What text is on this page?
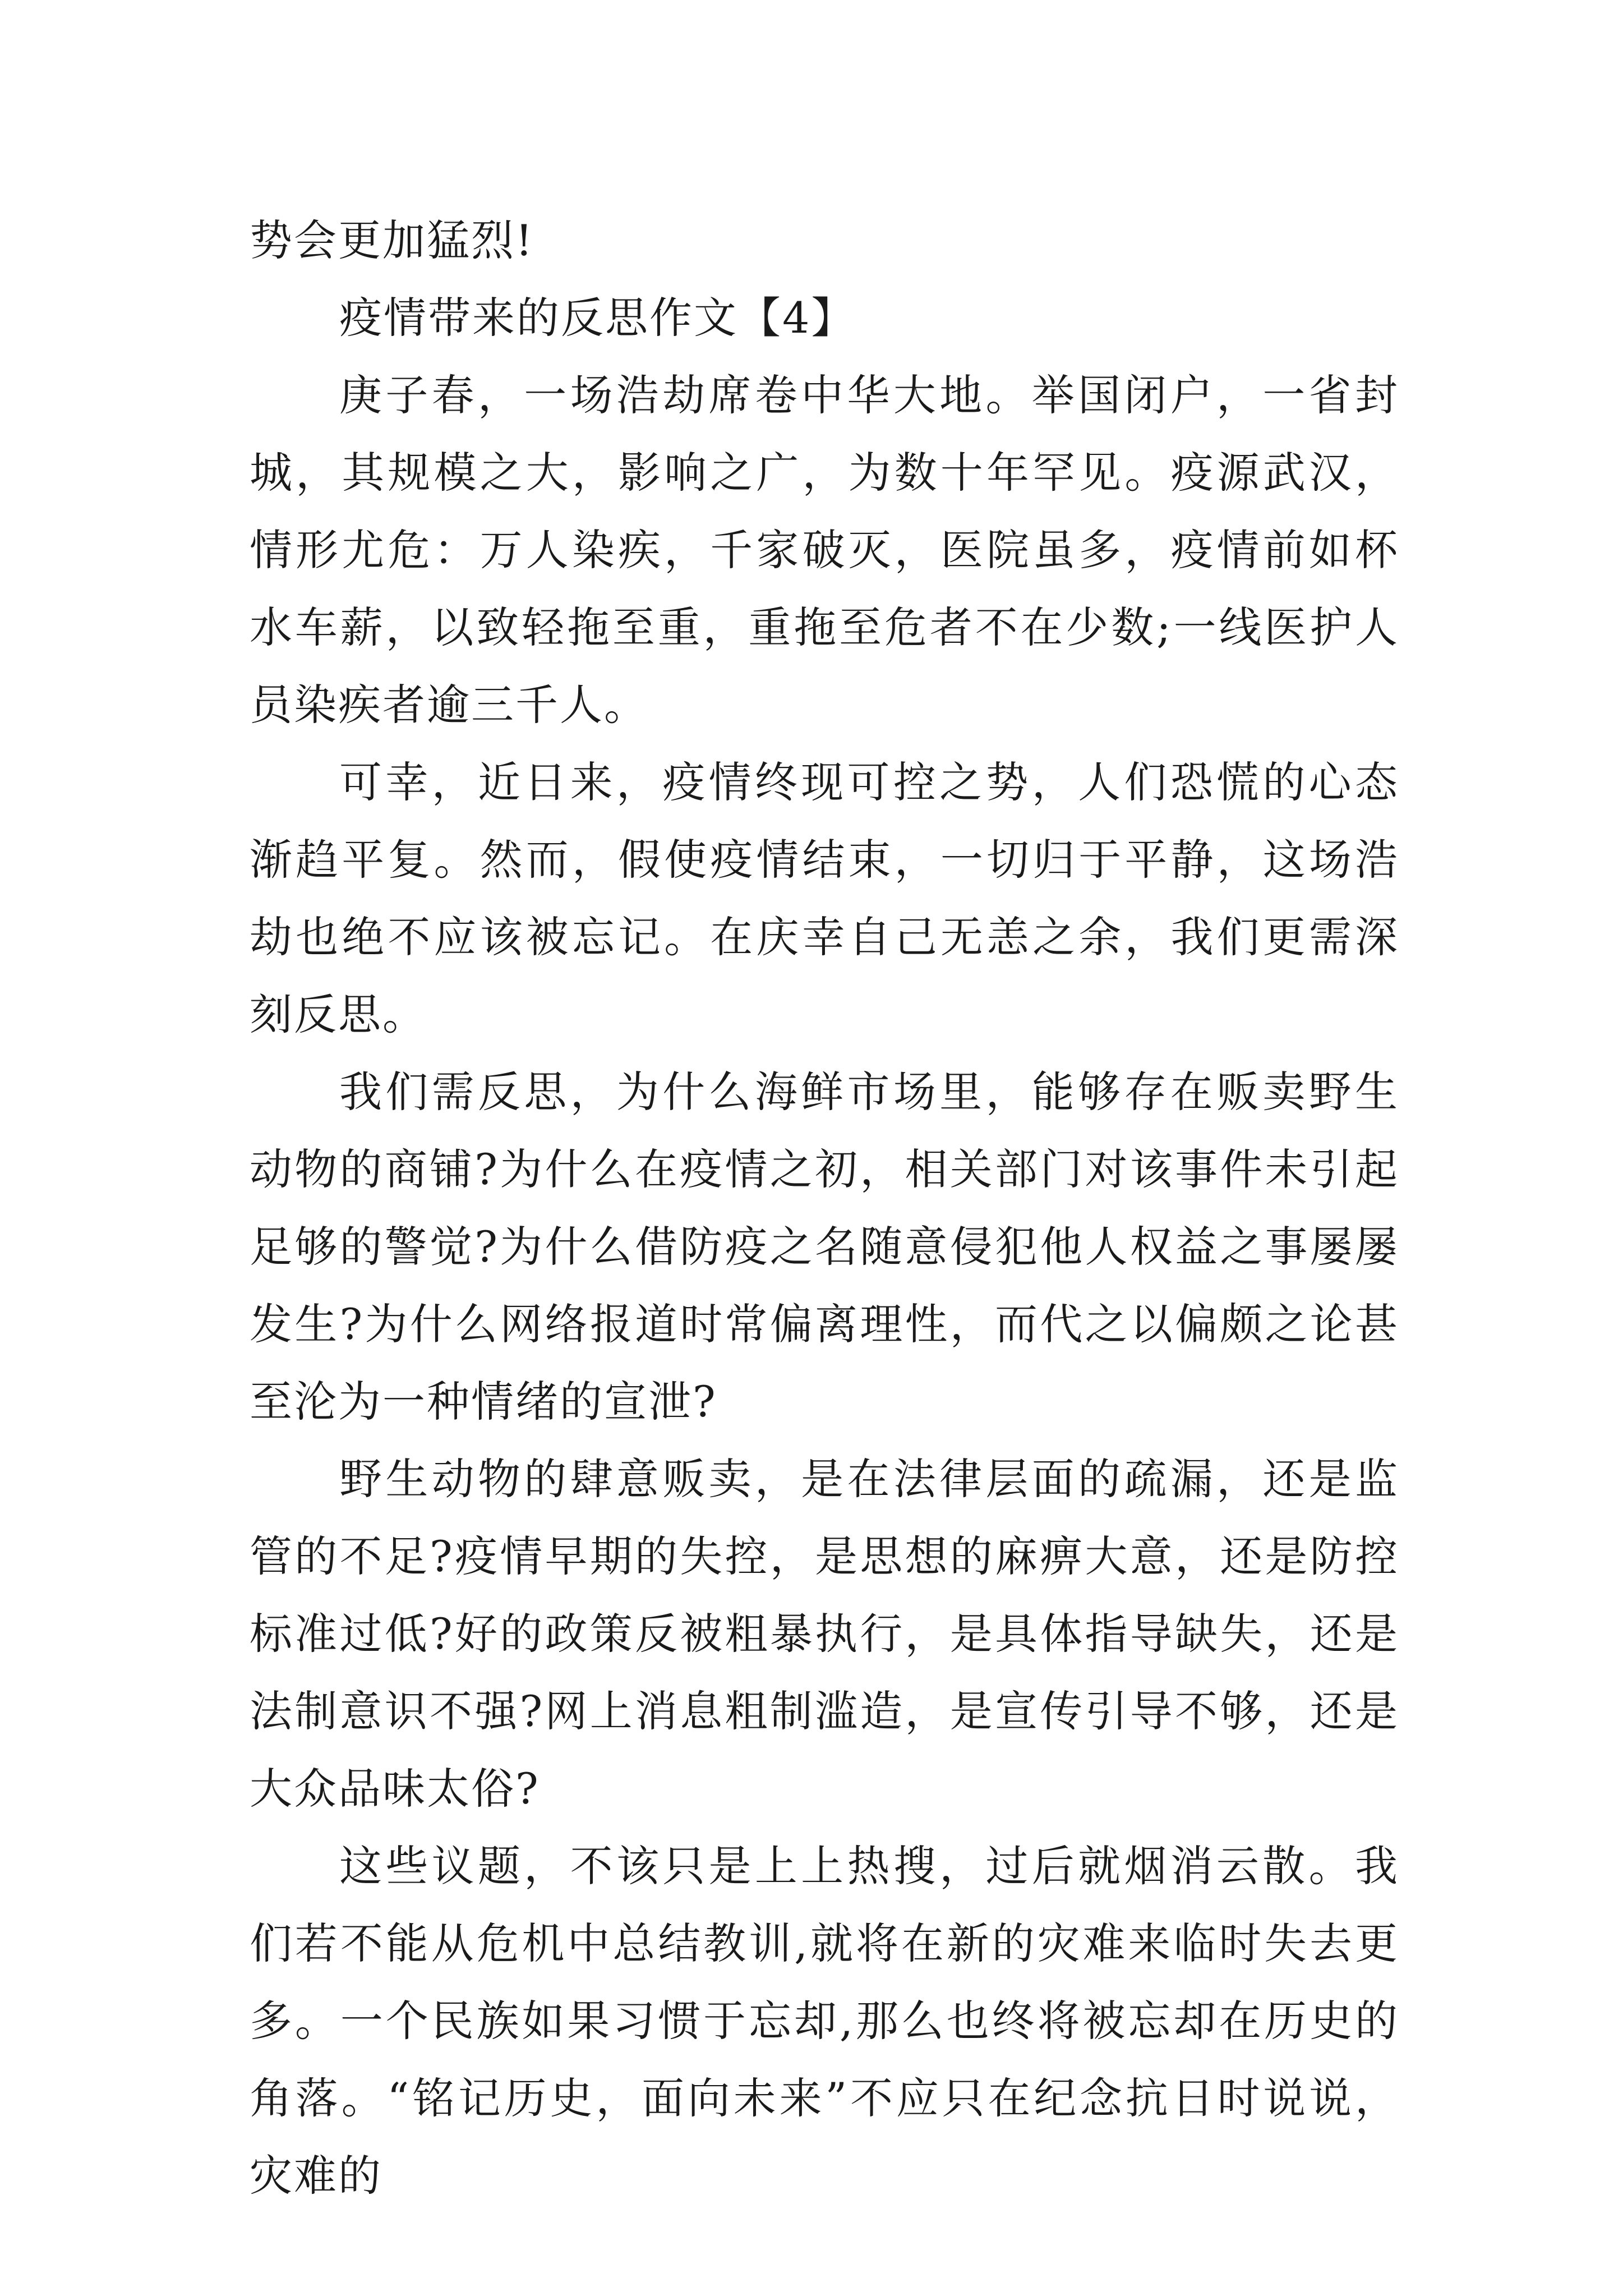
势会更加猛烈!

疫情带来的反思作文【4】

庚子春，一场浩劫席卷中华大地。举国闭户，一省封城，其规模之大，影响之广，为数十年罕见。疫源武汉，情形尤危：万人染疾，千家破灭，医院虽多，疫情前如杯水车薪，以致轻拖至重，重拖至危者不在少数;一线医护人员染疾者逾三千人。

可幸，近日来，疫情终现可控之势，人们恐慌的心态渐趋平复。然而，假使疫情结束，一切归于平静，这场浩劫也绝不应该被忘记。在庆幸自己无恙之余，我们更需深刻反思。

我们需反思，为什么海鲜市场里，能够存在贩卖野生动物的商铺?为什么在疫情之初，相关部门对该事件未引起足够的警觉?为什么借防疫之名随意侵犯他人权益之事屡屡发生?为什么网络报道时常偏离理性，而代之以偏颇之论甚至沦为一种情绪的宣泄?

野生动物的肆意贩卖，是在法律层面的疏漏，还是监管的不足?疫情早期的失控，是思想的麻痹大意，还是防控标准过低?好的政策反被粗暴执行，是具体指导缺失，还是法制意识不强?网上消息粗制滥造，是宣传引导不够，还是大众品味太俗?

这些议题，不该只是上上热搜，过后就烟消云散。我们若不能从危机中总结教训,就将在新的灾难来临时失去更多。一个民族如果习惯于忘却,那么也终将被忘却在历史的角落。“铭记历史，面向未来”不应只在纪念抗日时说说，灾难的
